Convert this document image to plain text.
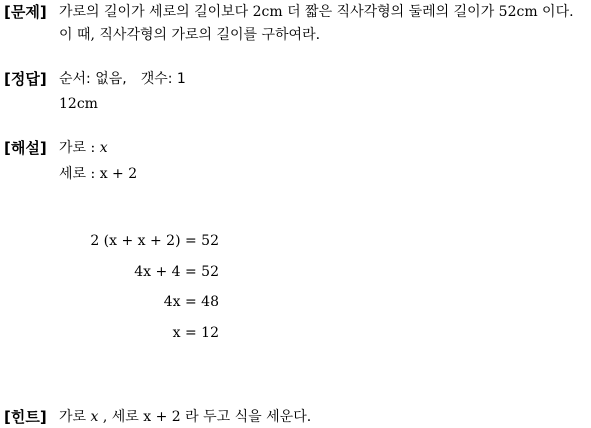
[문제] 가로의 길이가 세로의 길이보다 2cm 더 짧은 직사각형의 둘레의 길이가 52cm 이다.
이 때, 직사각형의 가로의 길이를 구하여라.
[정답] 순서: 없음, 갯수: 1
12cm
[해설] 가로 : x
세로 : x + 2
2 (x + x + 2) = 52
4x + 4 = 52
4x = 48
x = 12
[힌트] 가로 x , 세로 x + 2 라 두고 식을 세운다.
